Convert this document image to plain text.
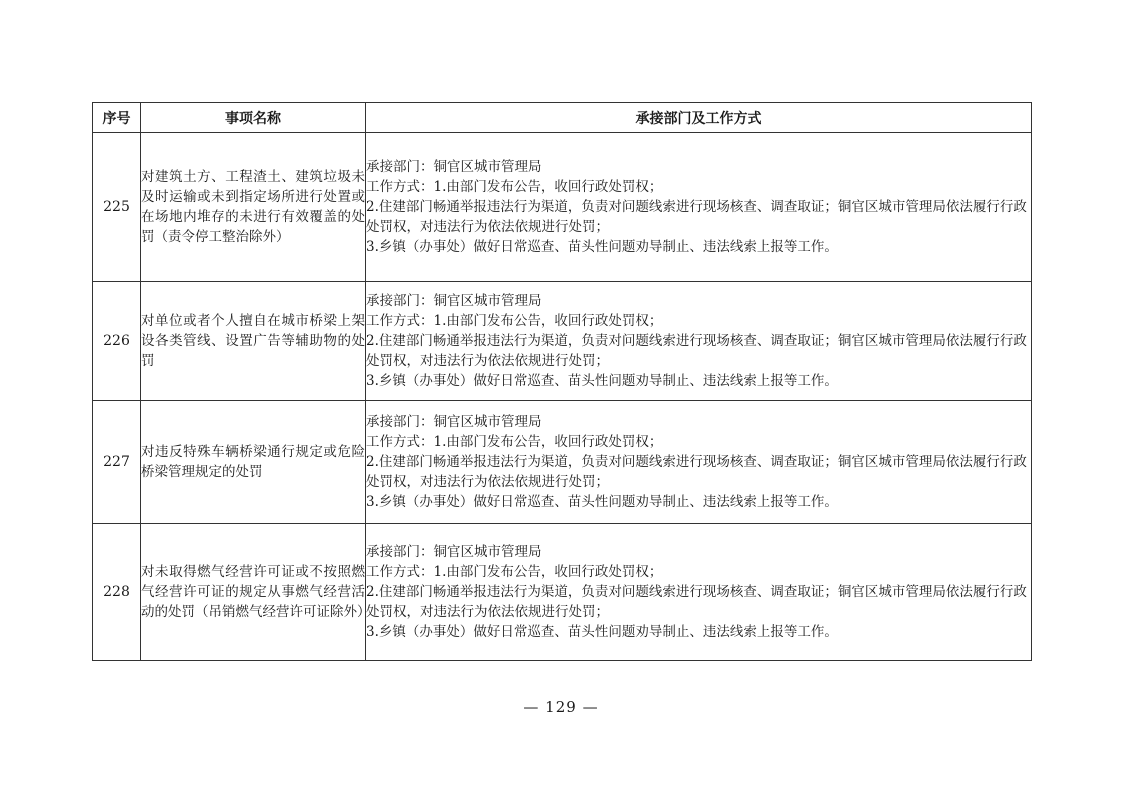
序号	事项名称	承接部门及工作方式
225	对建筑土方、工程渣土、建筑垃圾未及时运输或未到指定场所进行处置或在场地内堆存的未进行有效覆盖的处罚（责令停工整治除外）	承接部门：铜官区城市管理局
工作方式：1.由部门发布公告，收回行政处罚权；
2.住建部门畅通举报违法行为渠道，负责对问题线索进行现场核查、调查取证；铜官区城市管理局依法履行行政处罚权，对违法行为依法依规进行处罚；
3.乡镇（办事处）做好日常巡查、苗头性问题劝导制止、违法线索上报等工作。

226	对单位或者个人擅自在城市桥梁上架设各类管线、设置广告等辅助物的处罚	承接部门：铜官区城市管理局
工作方式：1.由部门发布公告，收回行政处罚权；
2.住建部门畅通举报违法行为渠道，负责对问题线索进行现场核查、调查取证；铜官区城市管理局依法履行行政处罚权，对违法行为依法依规进行处罚；
3.乡镇（办事处）做好日常巡查、苗头性问题劝导制止、违法线索上报等工作。

227	对违反特殊车辆桥梁通行规定或危险桥梁管理规定的处罚	承接部门：铜官区城市管理局
工作方式：1.由部门发布公告，收回行政处罚权；
2.住建部门畅通举报违法行为渠道，负责对问题线索进行现场核查、调查取证；铜官区城市管理局依法履行行政处罚权，对违法行为依法依规进行处罚；
3.乡镇（办事处）做好日常巡查、苗头性问题劝导制止、违法线索上报等工作。

228	对未取得燃气经营许可证或不按照燃气经营许可证的规定从事燃气经营活动的处罚（吊销燃气经营许可证除外）	承接部门：铜官区城市管理局
工作方式：1.由部门发布公告，收回行政处罚权；
2.住建部门畅通举报违法行为渠道，负责对问题线索进行现场核查、调查取证；铜官区城市管理局依法履行行政处罚权，对违法行为依法依规进行处罚；
3.乡镇（办事处）做好日常巡查、苗头性问题劝导制止、违法线索上报等工作。
— 129 —
